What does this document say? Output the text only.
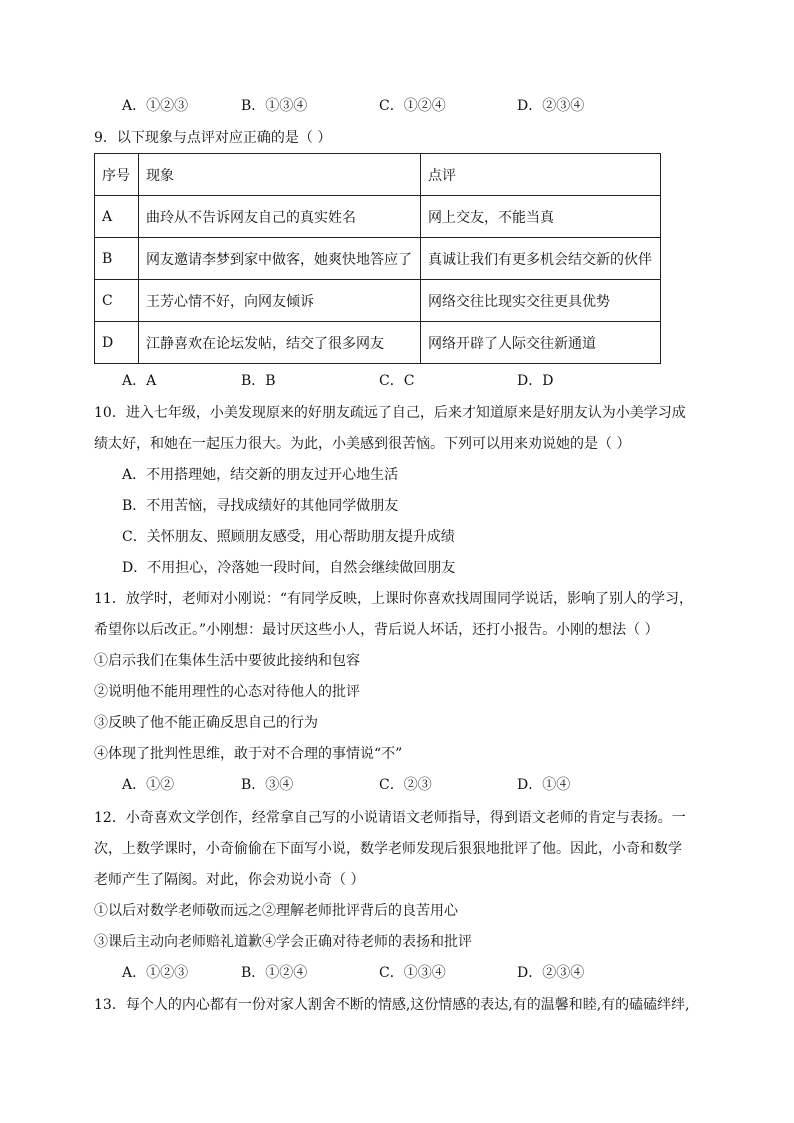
A．①②③	B．①③④	C．①②④	D．②③④
9．以下现象与点评对应正确的是（ ）
序号	现象	点评
A	曲玲从不告诉网友自己的真实姓名	网上交友，不能当真
B	网友邀请李梦到家中做客，她爽快地答应了	真诚让我们有更多机会结交新的伙伴
C	王芳心情不好，向网友倾诉	网络交往比现实交往更具优势
D	江静喜欢在论坛发帖，结交了很多网友	网络开辟了人际交往新通道
A．A	B．B	C．C	D．D
10．进入七年级，小美发现原来的好朋友疏远了自己，后来才知道原来是好朋友认为小美学习成
绩太好，和她在一起压力很大。为此，小美感到很苦恼。下列可以用来劝说她的是（ ）
A．不用搭理她，结交新的朋友过开心地生活
B．不用苦恼，寻找成绩好的其他同学做朋友
C．关怀朋友、照顾朋友感受，用心帮助朋友提升成绩
D．不用担心，冷落她一段时间，自然会继续做回朋友
11．放学时，老师对小刚说：“有同学反映，上课时你喜欢找周围同学说话，影响了别人的学习，
希望你以后改正。”小刚想：最讨厌这些小人，背后说人坏话，还打小报告。小刚的想法（ ）
①启示我们在集体生活中要彼此接纳和包容
②说明他不能用理性的心态对待他人的批评
③反映了他不能正确反思自己的行为
④体现了批判性思维，敢于对不合理的事情说“不”
A．①②	B．③④	C．②③	D．①④
12．小奇喜欢文学创作，经常拿自己写的小说请语文老师指导，得到语文老师的肯定与表扬。一
次，上数学课时，小奇偷偷在下面写小说，数学老师发现后狠狠地批评了他。因此，小奇和数学
老师产生了隔阂。对此，你会劝说小奇（ ）
①以后对数学老师敬而远之②理解老师批评背后的良苦用心
③课后主动向老师赔礼道歉④学会正确对待老师的表扬和批评
A．①②③	B．①②④	C．①③④	D．②③④
13．每个人的内心都有一份对家人割舍不断的情感,这份情感的表达,有的温馨和睦,有的磕磕绊绊,
